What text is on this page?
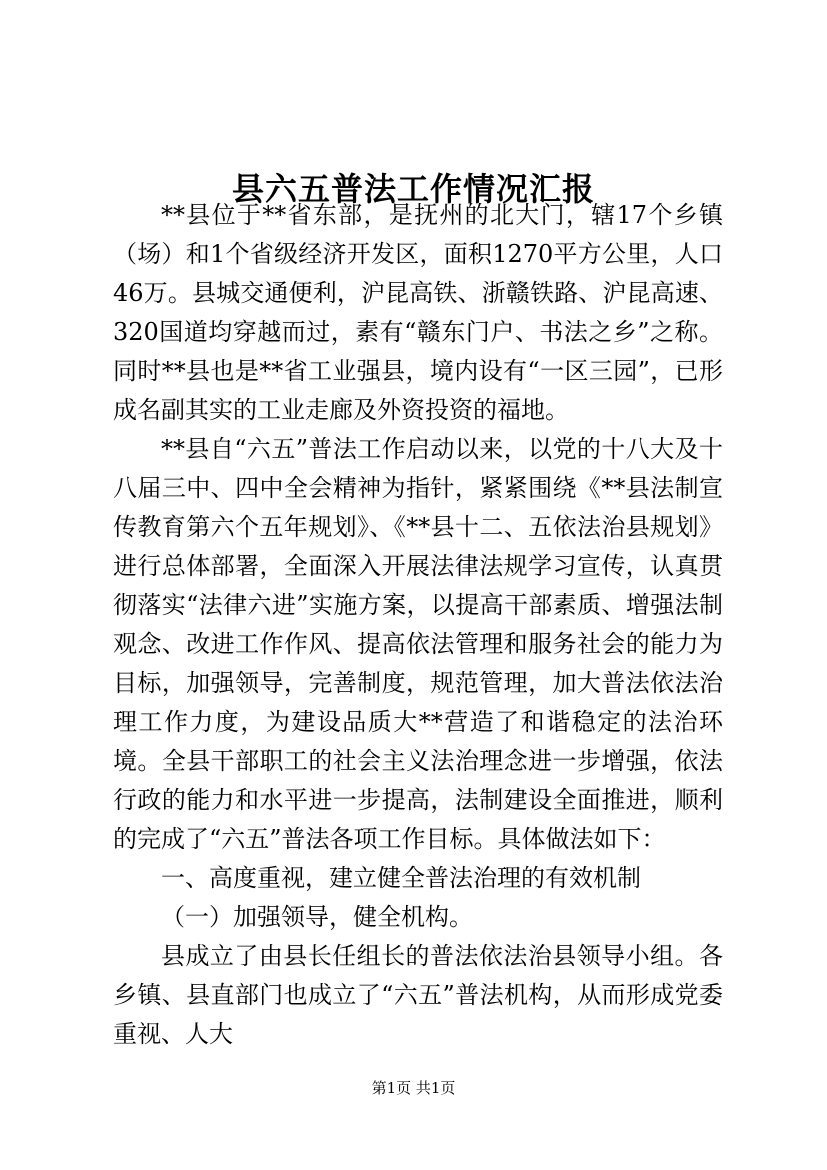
县六五普法工作情况汇报

**县位于**省东部，是抚州的北大门，辖17个乡镇（场）和1个省级经济开发区，面积1270平方公里，人口46万。县城交通便利，沪昆高铁、浙赣铁路、沪昆高速、320国道均穿越而过，素有“赣东门户、书法之乡”之称。同时**县也是**省工业强县，境内设有“一区三园”，已形成名副其实的工业走廊及外资投资的福地。

**县自“六五”普法工作启动以来，以党的十八大及十八届三中、四中全会精神为指针，紧紧围绕《**县法制宣传教育第六个五年规划》、《**县十二、五依法治县规划》进行总体部署，全面深入开展法律法规学习宣传，认真贯彻落实“法律六进”实施方案，以提高干部素质、增强法制观念、改进工作作风、提高依法管理和服务社会的能力为目标，加强领导，完善制度，规范管理，加大普法依法治理工作力度，为建设品质大**营造了和谐稳定的法治环境。全县干部职工的社会主义法治理念进一步增强，依法行政的能力和水平进一步提高，法制建设全面推进，顺利的完成了“六五”普法各项工作目标。具体做法如下：

一、高度重视，建立健全普法治理的有效机制

（一）加强领导，健全机构。

县成立了由县长任组长的普法依法治县领导小组。各乡镇、县直部门也成立了“六五”普法机构，从而形成党委重视、人大

第1页 共1页
